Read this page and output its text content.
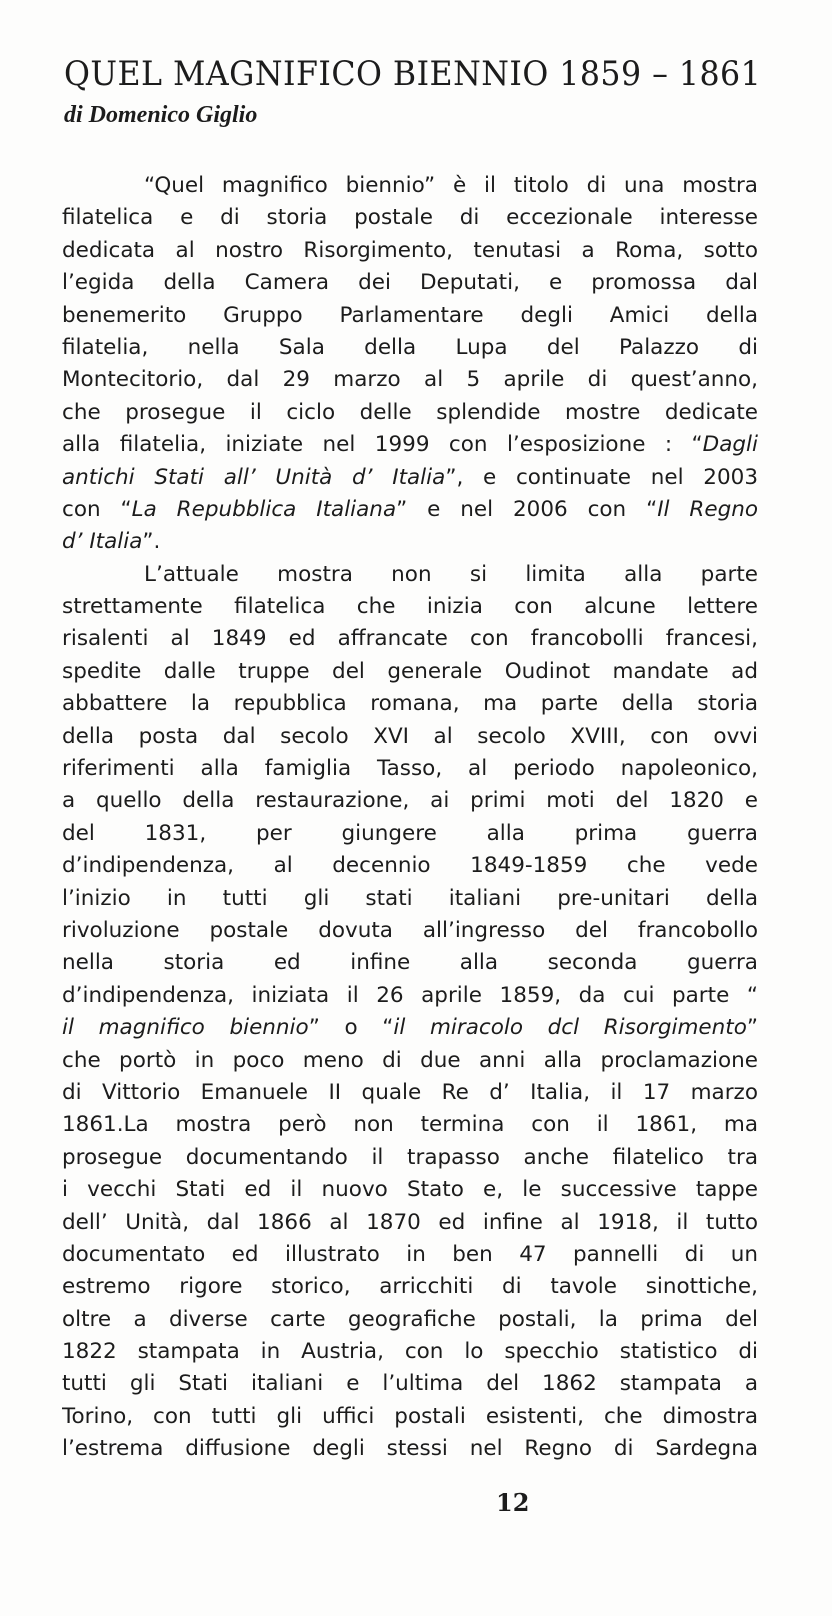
QUEL MAGNIFICO BIENNIO 1859 – 1861
di Domenico Giglio
“Quel magnifico biennio” è il titolo di una mostra
filatelica e di storia postale di eccezionale interesse
dedicata al nostro Risorgimento, tenutasi a Roma, sotto
l’egida della Camera dei Deputati, e promossa dal
benemerito Gruppo Parlamentare degli Amici della
filatelia, nella Sala della Lupa del Palazzo di
Montecitorio, dal 29 marzo al 5 aprile di quest’anno,
che prosegue il ciclo delle splendide mostre dedicate
alla filatelia, iniziate nel 1999 con l’esposizione : “Dagli
antichi Stati all’ Unità d’ Italia”, e continuate nel 2003
con “La Repubblica Italiana” e nel 2006 con “Il Regno
d’ Italia”.
L’attuale mostra non si limita alla parte
strettamente filatelica che inizia con alcune lettere
risalenti al 1849 ed affrancate con francobolli francesi,
spedite dalle truppe del generale Oudinot mandate ad
abbattere la repubblica romana, ma parte della storia
della posta dal secolo XVI al secolo XVIII, con ovvi
riferimenti alla famiglia Tasso, al periodo napoleonico,
a quello della restaurazione, ai primi moti del 1820 e
del 1831, per giungere alla prima guerra
d’indipendenza, al decennio 1849-1859 che vede
l’inizio in tutti gli stati italiani pre-unitari della
rivoluzione postale dovuta all’ingresso del francobollo
nella storia ed infine alla seconda guerra
d’indipendenza, iniziata il 26 aprile 1859, da cui parte “
il magnifico biennio” o “il miracolo dcl Risorgimento”
che portò in poco meno di due anni alla proclamazione
di Vittorio Emanuele II quale Re d’ Italia, il 17 marzo
1861.La mostra però non termina con il 1861, ma
prosegue documentando il trapasso anche filatelico tra
i vecchi Stati ed il nuovo Stato e, le successive tappe
dell’ Unità, dal 1866 al 1870 ed infine al 1918, il tutto
documentato ed illustrato in ben 47 pannelli di un
estremo rigore storico, arricchiti di tavole sinottiche,
oltre a diverse carte geografiche postali, la prima del
1822 stampata in Austria, con lo specchio statistico di
tutti gli Stati italiani e l’ultima del 1862 stampata a
Torino, con tutti gli uffici postali esistenti, che dimostra
l’estrema diffusione degli stessi nel Regno di Sardegna
12
